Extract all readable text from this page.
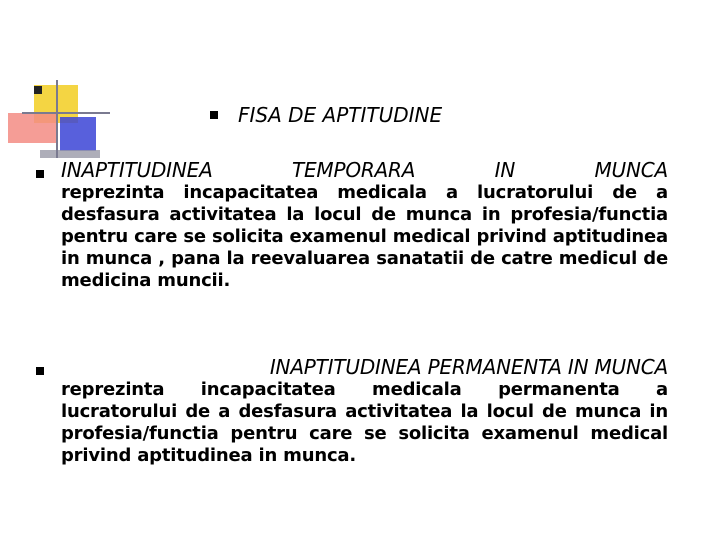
FISA DE APTITUDINE
INAPTITUDINEA TEMPORARA IN MUNCA
reprezinta incapacitatea medicala a lucratorului de a desfasura activitatea la locul de munca in profesia/functia pentru care se solicita examenul medical privind aptitudinea in munca , pana la reevaluarea sanatatii de catre medicul de medicina muncii.
INAPTITUDINEA PERMANENTA IN MUNCA
reprezinta incapacitatea medicala permanenta a lucratorului de a desfasura activitatea la locul de munca in profesia/functia pentru care se solicita examenul medical privind aptitudinea in munca.
